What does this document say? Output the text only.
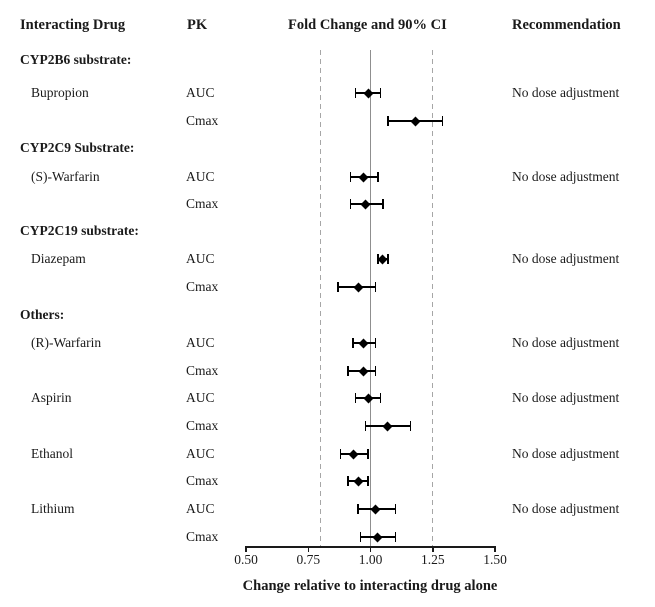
Interacting Drug	PK	Fold Change and 90% CI	Recommendation
0.50	0.75	1.00	1.25	1.50
CYP2B6 substrate:
Bupropion	AUC	No dose adjustment
Cmax
CYP2C9 Substrate:
(S)-Warfarin	AUC	No dose adjustment
Cmax
CYP2C19 substrate:
Diazepam	AUC	No dose adjustment
Cmax
Others:
(R)-Warfarin	AUC	No dose adjustment
Cmax
Aspirin	AUC	No dose adjustment
Cmax
Ethanol	AUC	No dose adjustment
Cmax
Lithium	AUC	No dose adjustment
Cmax
Change relative to interacting drug alone
